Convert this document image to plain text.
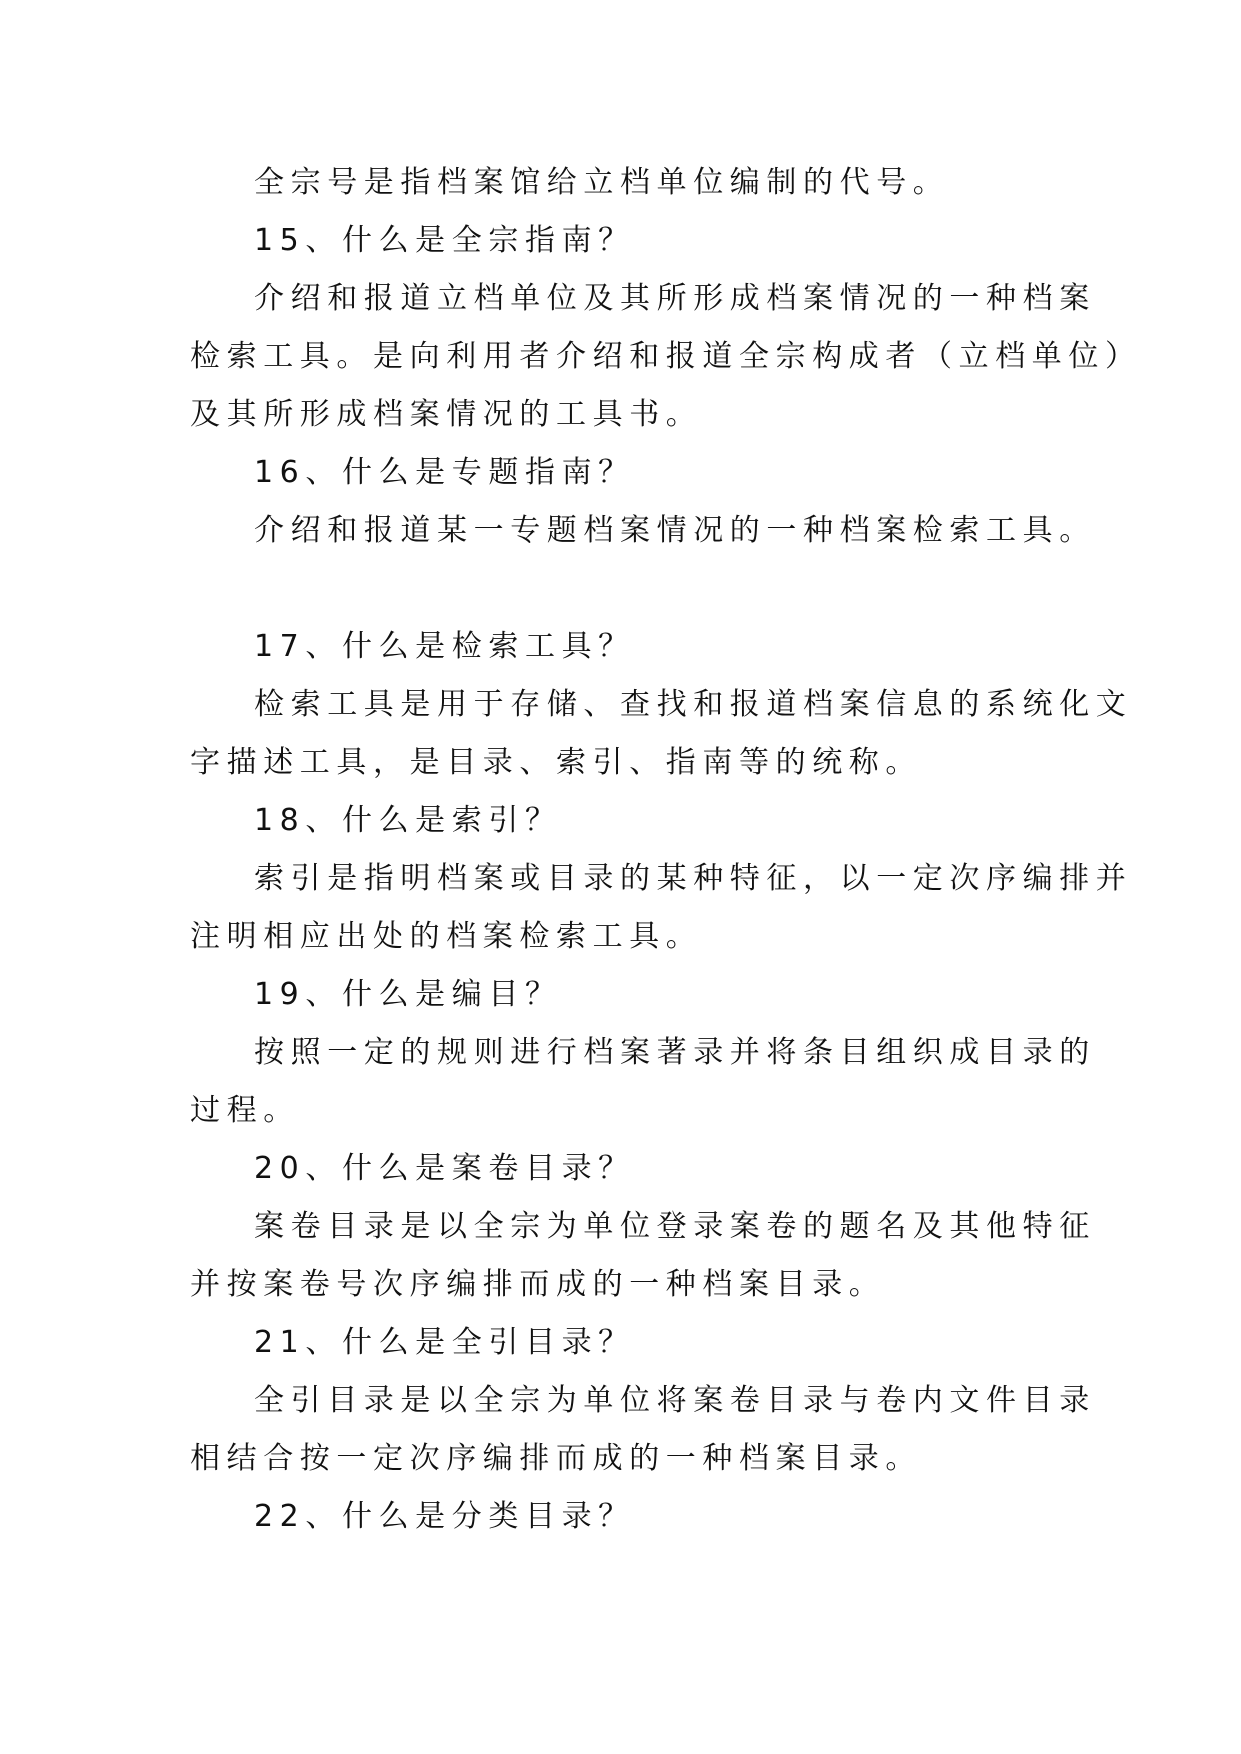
全宗号是指档案馆给立档单位编制的代号。
15、什么是全宗指南？
介绍和报道立档单位及其所形成档案情况的一种档案
检索工具。是向利用者介绍和报道全宗构成者（立档单位）
及其所形成档案情况的工具书。
16、什么是专题指南？
介绍和报道某一专题档案情况的一种档案检索工具。
17、什么是检索工具？
检索工具是用于存储、查找和报道档案信息的系统化文
字描述工具，是目录、索引、指南等的统称。
18、什么是索引？
索引是指明档案或目录的某种特征，以一定次序编排并
注明相应出处的档案检索工具。
19、什么是编目？
按照一定的规则进行档案著录并将条目组织成目录的
过程。
20、什么是案卷目录？
案卷目录是以全宗为单位登录案卷的题名及其他特征
并按案卷号次序编排而成的一种档案目录。
21、什么是全引目录？
全引目录是以全宗为单位将案卷目录与卷内文件目录
相结合按一定次序编排而成的一种档案目录。
22、什么是分类目录？
